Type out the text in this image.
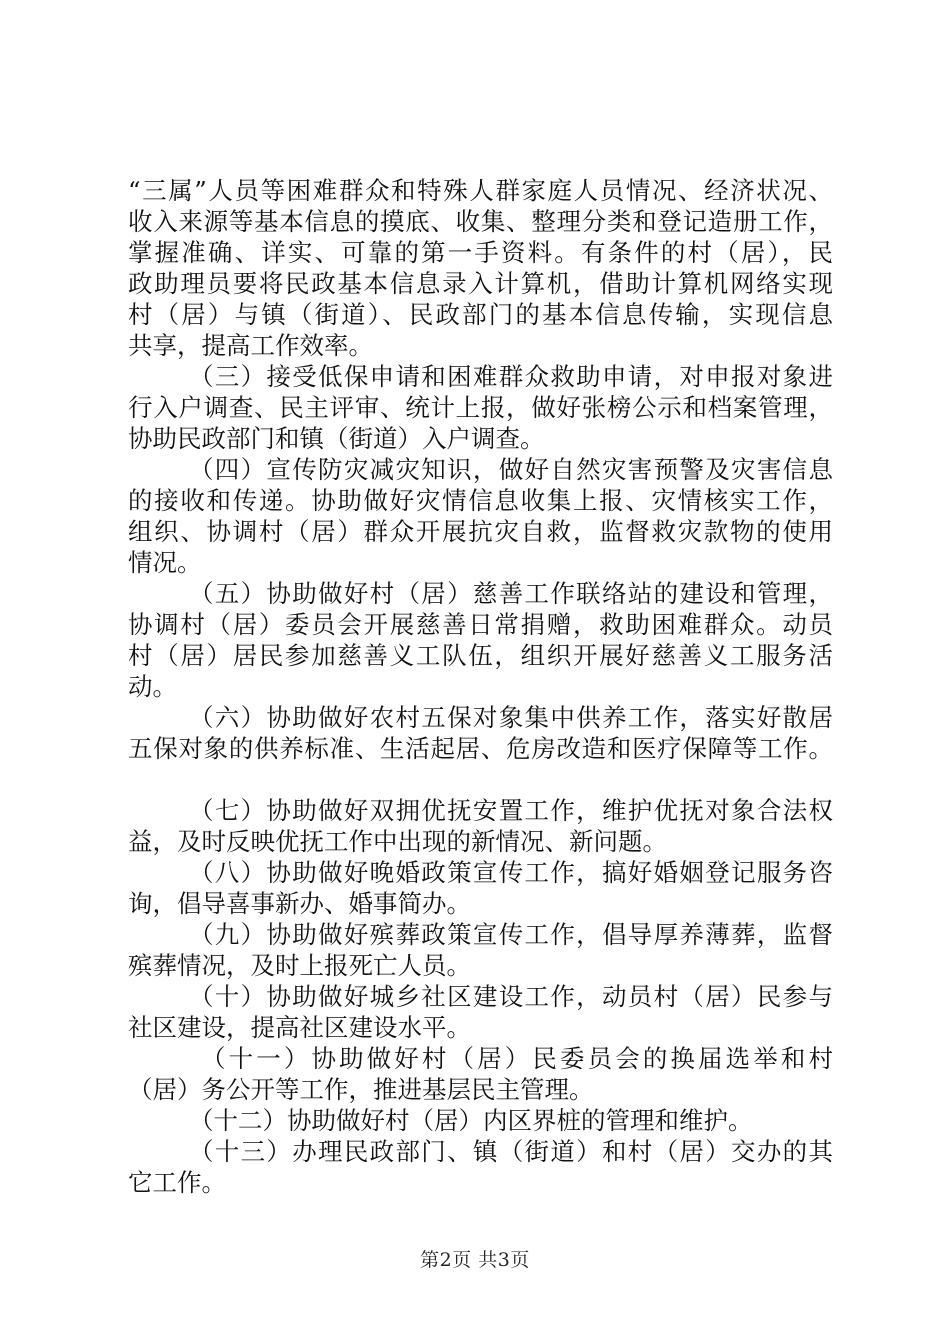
“三属”人员等困难群众和特殊人群家庭人员情况、经济状况、
收入来源等基本信息的摸底、收集、整理分类和登记造册工作，
掌握准确、详实、可靠的第一手资料。有条件的村（居），民
政助理员要将民政基本信息录入计算机，借助计算机网络实现
村（居）与镇（街道）、民政部门的基本信息传输，实现信息
共享，提高工作效率。
（三）接受低保申请和困难群众救助申请，对申报对象进
行入户调查、民主评审、统计上报，做好张榜公示和档案管理，
协助民政部门和镇（街道）入户调查。
（四）宣传防灾减灾知识，做好自然灾害预警及灾害信息
的接收和传递。协助做好灾情信息收集上报、灾情核实工作，
组织、协调村（居）群众开展抗灾自救，监督救灾款物的使用
情况。
（五）协助做好村（居）慈善工作联络站的建设和管理，
协调村（居）委员会开展慈善日常捐赠，救助困难群众。动员
村（居）居民参加慈善义工队伍，组织开展好慈善义工服务活
动。
（六）协助做好农村五保对象集中供养工作，落实好散居
五保对象的供养标准、生活起居、危房改造和医疗保障等工作。
（七）协助做好双拥优抚安置工作，维护优抚对象合法权
益，及时反映优抚工作中出现的新情况、新问题。
（八）协助做好晚婚政策宣传工作，搞好婚姻登记服务咨
询，倡导喜事新办、婚事简办。
（九）协助做好殡葬政策宣传工作，倡导厚养薄葬，监督
殡葬情况，及时上报死亡人员。
（十）协助做好城乡社区建设工作，动员村（居）民参与
社区建设，提高社区建设水平。
（十一）协助做好村（居）民委员会的换届选举和村
（居）务公开等工作，推进基层民主管理。
（十二）协助做好村（居）内区界桩的管理和维护。
（十三）办理民政部门、镇（街道）和村（居）交办的其
它工作。
第2页 共3页
